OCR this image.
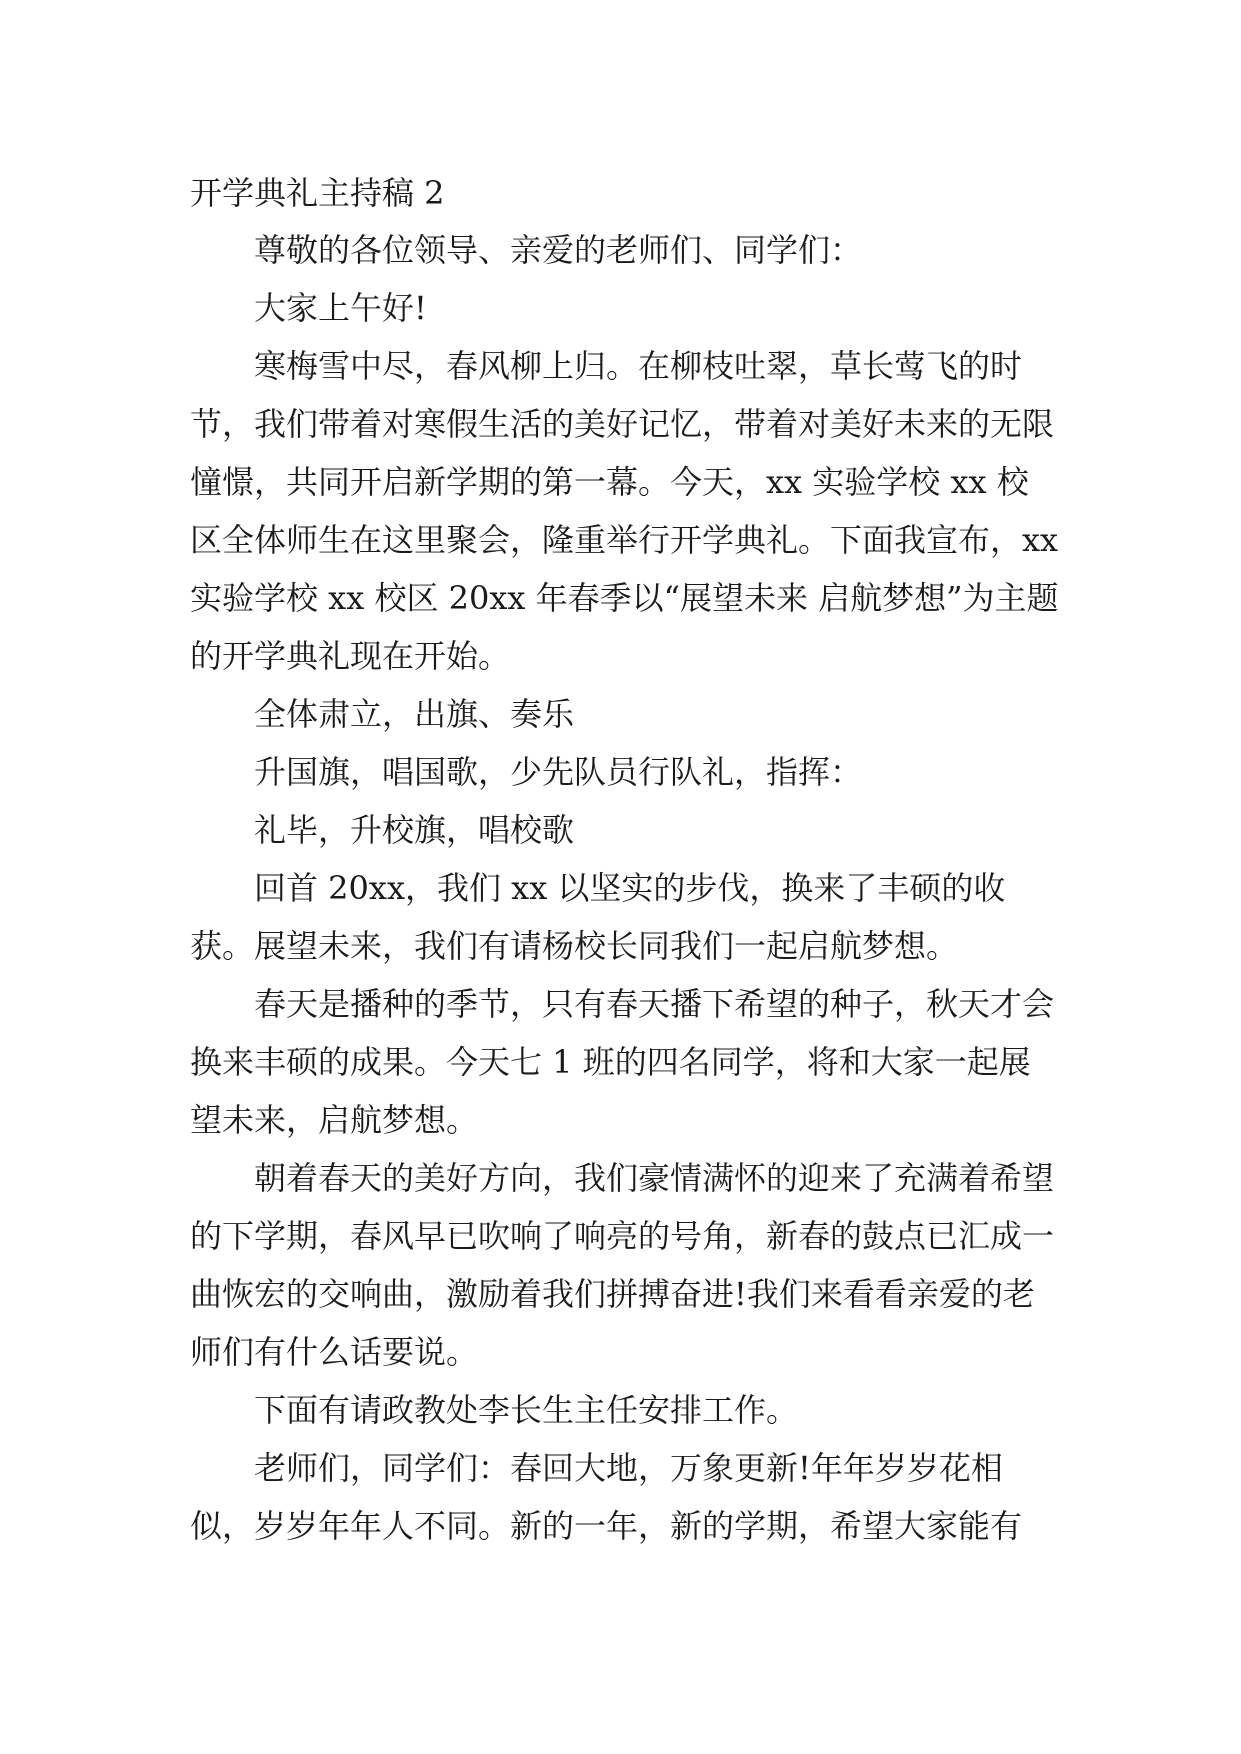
开学典礼主持稿 2

尊敬的各位领导、亲爱的老师们、同学们：

大家上午好!

寒梅雪中尽，春风柳上归。在柳枝吐翠，草长莺飞的时节，我们带着对寒假生活的美好记忆，带着对美好未来的无限憧憬，共同开启新学期的第一幕。今天，xx 实验学校 xx 校区全体师生在这里聚会，隆重举行开学典礼。下面我宣布，xx 实验学校 xx 校区 20xx 年春季以“展望未来 启航梦想”为主题的开学典礼现在开始。

全体肃立，出旗、奏乐

升国旗，唱国歌，少先队员行队礼，指挥：

礼毕，升校旗，唱校歌

回首 20xx，我们 xx 以坚实的步伐，换来了丰硕的收获。展望未来，我们有请杨校长同我们一起启航梦想。

春天是播种的季节，只有春天播下希望的种子，秋天才会换来丰硕的成果。今天七 1 班的四名同学，将和大家一起展望未来，启航梦想。

朝着春天的美好方向，我们豪情满怀的迎来了充满着希望的下学期，春风早已吹响了响亮的号角，新春的鼓点已汇成一曲恢宏的交响曲，激励着我们拼搏奋进!我们来看看亲爱的老师们有什么话要说。

下面有请政教处李长生主任安排工作。

老师们，同学们：春回大地，万象更新!年年岁岁花相似，岁岁年年人不同。新的一年，新的学期，希望大家能有
